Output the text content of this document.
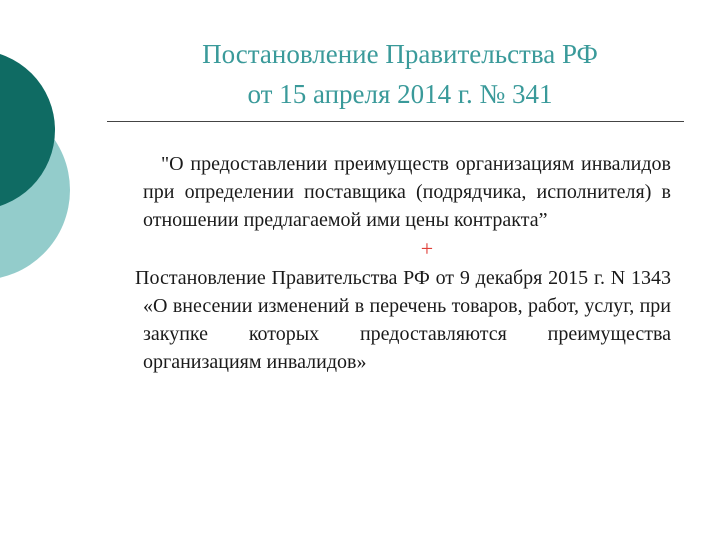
Постановление Правительства РФ
от 15 апреля 2014 г. № 341

"О предоставлении преимуществ организациям инвалидов при определении поставщика (подрядчика, исполнителя) в отношении предлагаемой ими цены контракта”

+

Постановление Правительства РФ от 9 декабря 2015 г. N 1343 «О внесении изменений в перечень товаров, работ, услуг, при закупке которых предоставляются преимущества организациям инвалидов»
